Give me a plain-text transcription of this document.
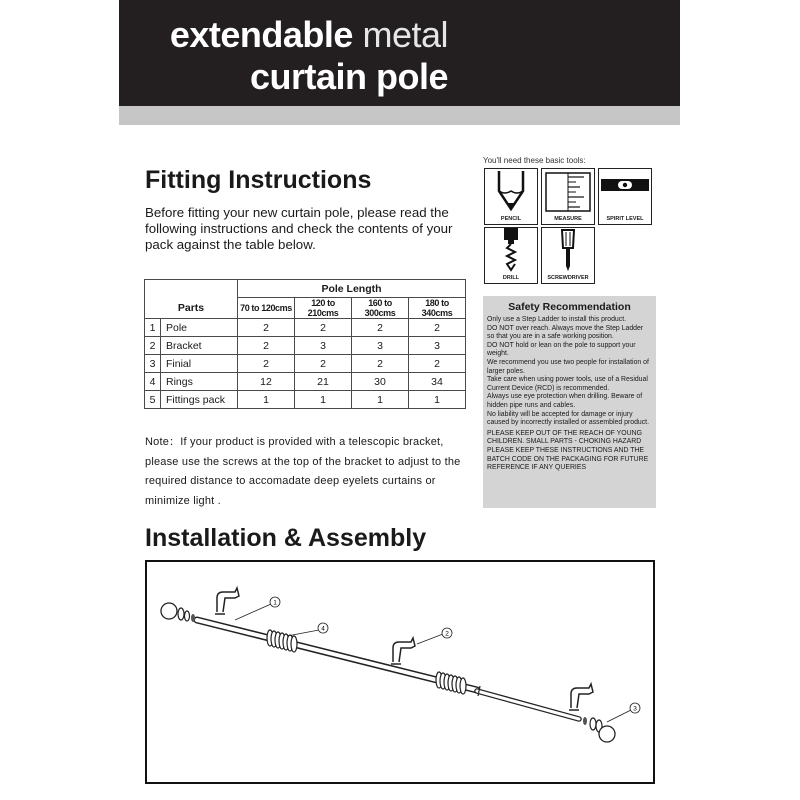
extendable metal
curtain pole
Fitting Instructions

Before fitting your new curtain pole, please read the following instructions and check the contents of your pack against the table below.

		Pole Length			
Parts		70 to 120cms	120 to 210cms	160 to 300cms	180 to 340cms
1	Pole	2	2	2	2
2	Bracket	2	3	3	3
3	Finial	2	2	2	2
4	Rings	12	21	30	34
5	Fittings pack	1	1	1	1

Note：If your product is provided with a telescopic bracket, please use the screws at the top of the bracket to adjust to the required distance to accomadate deep eyelets curtains or minimize light .

You'll need these basic tools:
PENCIL	MEASURE	SPIRIT LEVEL
DRILL	SCREWDRIVER
Safety Recommendation

Only use a Step Ladder to install this product.

DO NOT over reach. Always move the Step Ladder so that you are in a safe working position.

DO NOT hold or lean on the pole to support your weight.

We recommend you use two people for installation of larger poles.

Take care when using power tools, use of a Residual Current Device (RCD) is recommended.

Always use eye protection when drilling. Beware of hidden pipe runs and cables.

No liability will be accepted for damage or injury caused by incorrectly installed or assembled product.

PLEASE KEEP OUT OF THE REACH OF YOUNG CHILDREN. SMALL PARTS - CHOKING HAZARD

PLEASE KEEP THESE INSTRUCTIONS AND THE BATCH CODE ON THE PACKAGING FOR FUTURE REFERENCE IF ANY QUERIES

Installation & Assembly
1
2
3
4
